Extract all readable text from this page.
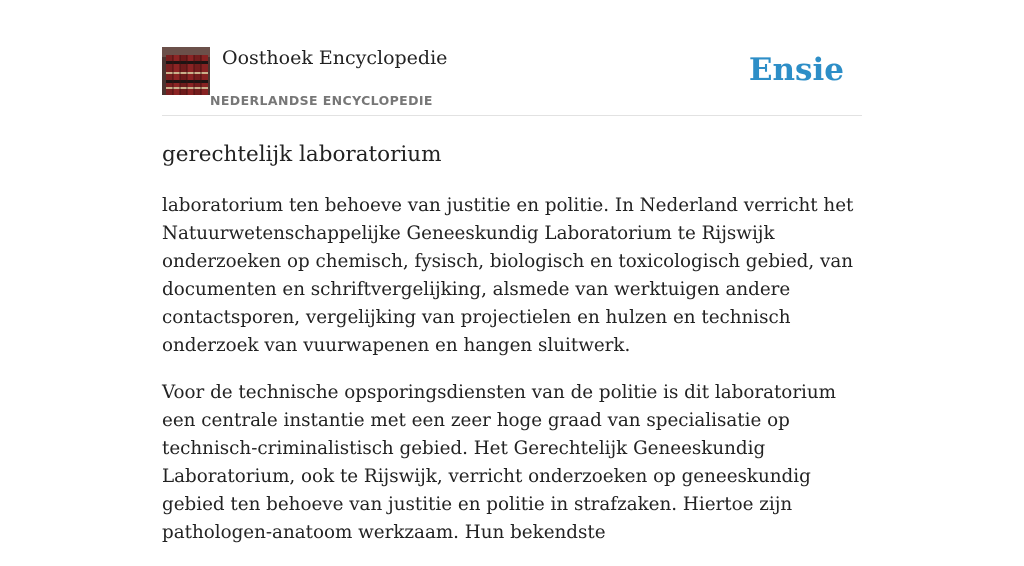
Oosthoek Encyclopedie
NEDERLANDSE ENCYCLOPEDIE
Ensie
gerechtelijk laboratorium

laboratorium ten behoeve van justitie en politie. In Nederland verricht het Natuurwetenschappelijke Geneeskundig Laboratorium te Rijswijk onderzoeken op chemisch, fysisch, biologisch en toxicologisch gebied, van documenten en schriftvergelijking, alsmede van werktuigen andere contactsporen, vergelijking van projectielen en hulzen en technisch onderzoek van vuurwapenen en hangen sluitwerk.

Voor de technische opsporingsdiensten van de politie is dit laboratorium een centrale instantie met een zeer hoge graad van specialisatie op technisch-criminalistisch gebied. Het Gerechtelijk Geneeskundig Laboratorium, ook te Rijswijk, verricht onderzoeken op geneeskundig gebied ten behoeve van justitie en politie in strafzaken. Hiertoe zijn pathologen-anatoom werkzaam. Hun bekendste
